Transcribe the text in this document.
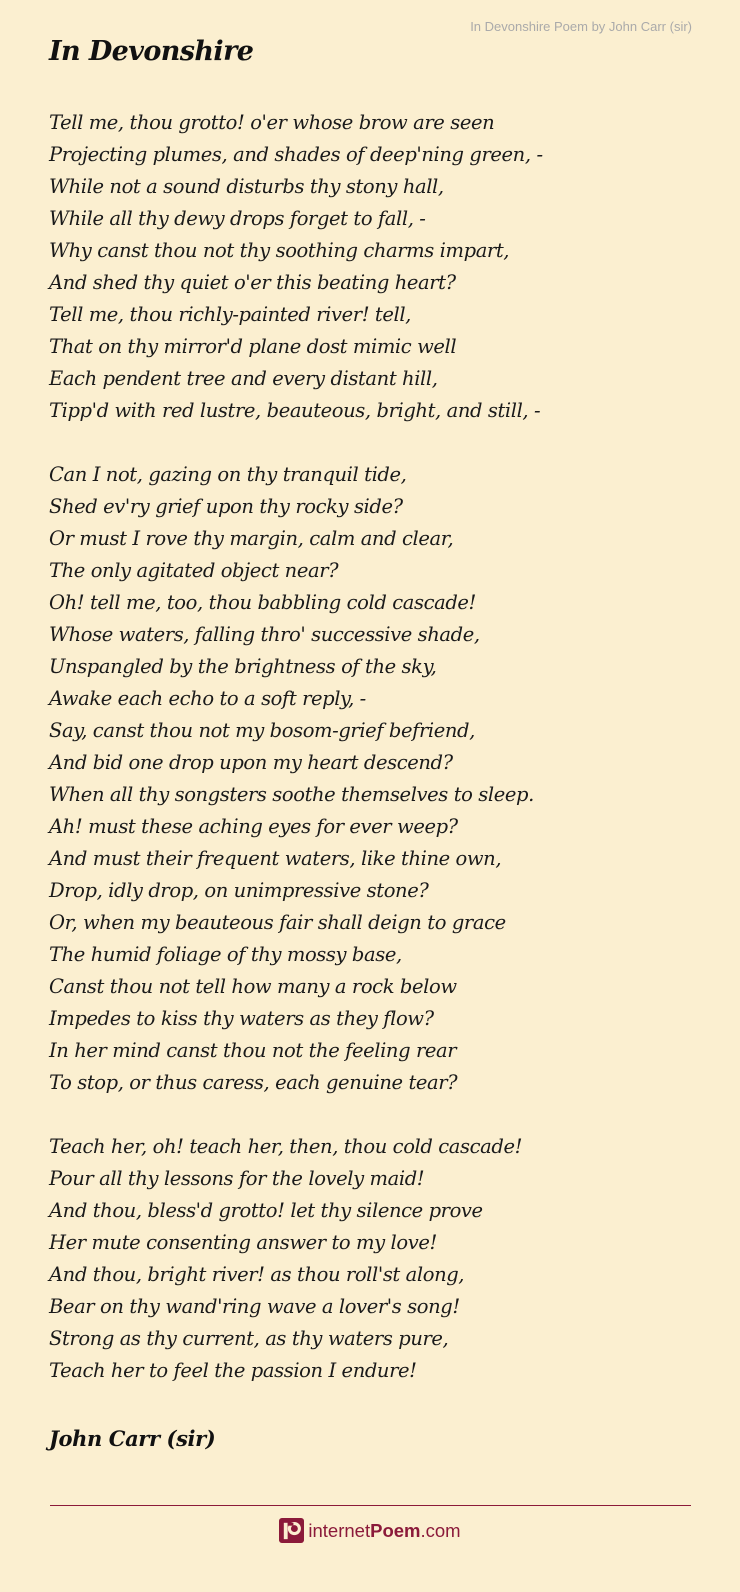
In Devonshire Poem by John Carr (sir)
In Devonshire
Tell me, thou grotto! o'er whose brow are seen
Projecting plumes, and shades of deep'ning green, -
While not a sound disturbs thy stony hall,
While all thy dewy drops forget to fall, -
Why canst thou not thy soothing charms impart,
And shed thy quiet o'er this beating heart?
Tell me, thou richly-painted river! tell,
That on thy mirror'd plane dost mimic well
Each pendent tree and every distant hill,
Tipp'd with red lustre, beauteous, bright, and still, -
Can I not, gazing on thy tranquil tide,
Shed ev'ry grief upon thy rocky side?
Or must I rove thy margin, calm and clear,
The only agitated object near?
Oh! tell me, too, thou babbling cold cascade!
Whose waters, falling thro' successive shade,
Unspangled by the brightness of the sky,
Awake each echo to a soft reply, -
Say, canst thou not my bosom-grief befriend,
And bid one drop upon my heart descend?
When all thy songsters soothe themselves to sleep.
Ah! must these aching eyes for ever weep?
And must their frequent waters, like thine own,
Drop, idly drop, on unimpressive stone?
Or, when my beauteous fair shall deign to grace
The humid foliage of thy mossy base,
Canst thou not tell how many a rock below
Impedes to kiss thy waters as they flow?
In her mind canst thou not the feeling rear
To stop, or thus caress, each genuine tear?
Teach her, oh! teach her, then, thou cold cascade!
Pour all thy lessons for the lovely maid!
And thou, bless'd grotto! let thy silence prove
Her mute consenting answer to my love!
And thou, bright river! as thou roll'st along,
Bear on thy wand'ring wave a lover's song!
Strong as thy current, as thy waters pure,
Teach her to feel the passion I endure!
John Carr (sir)
internetPoem.com
